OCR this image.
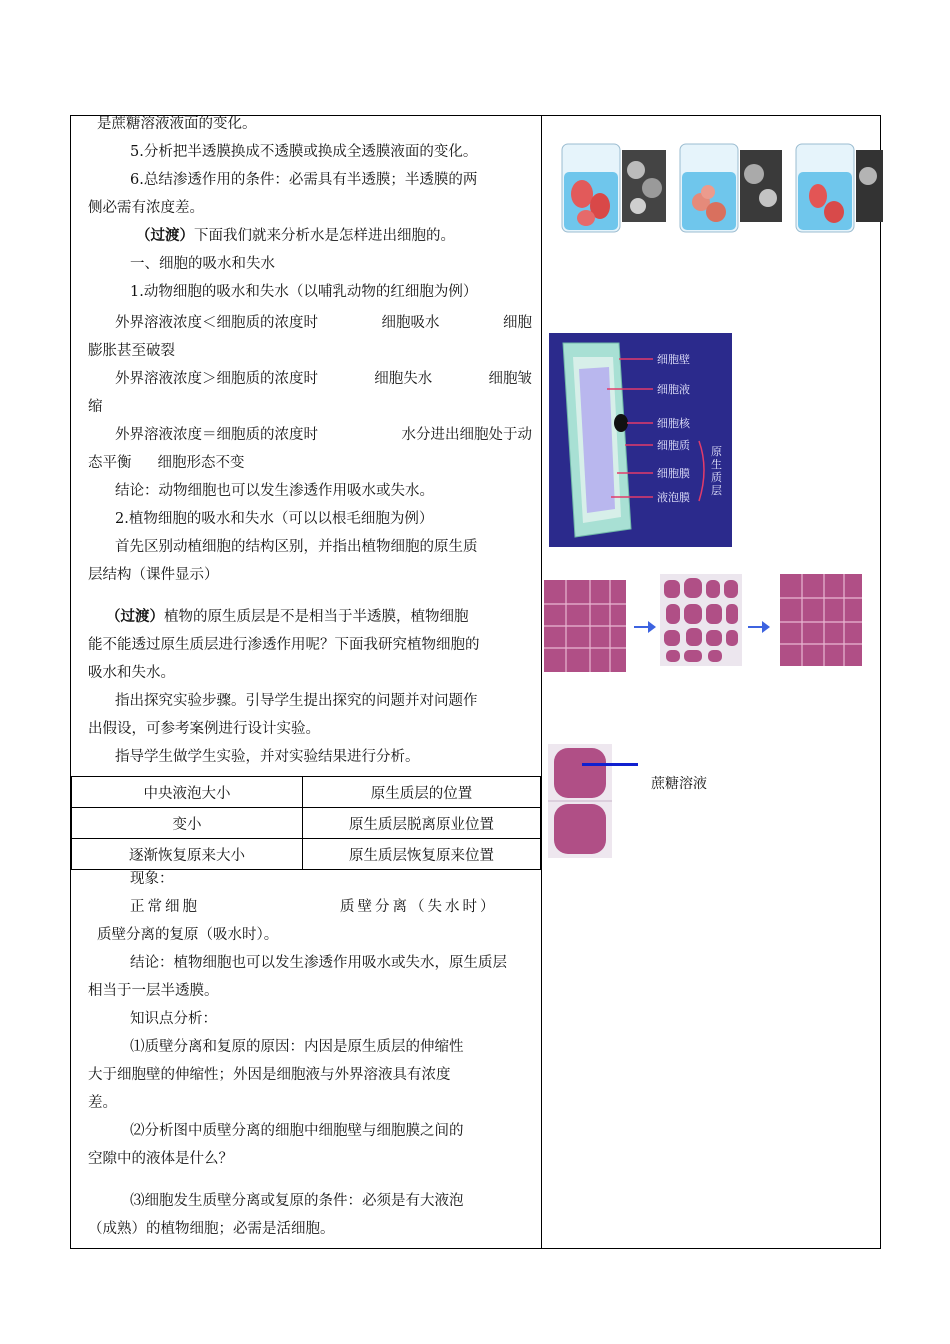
是蔗糖溶液液面的变化。
5.分析把半透膜换成不透膜或换成全透膜液面的变化。
6.总结渗透作用的条件：必需具有半透膜；半透膜的两
侧必需有浓度差。
（过渡）下面我们就来分析水是怎样进出细胞的。
一、细胞的吸水和失水
1.动物细胞的吸水和失水（以哺乳动物的红细胞为例）
外界溶液浓度＜细胞质的浓度时	细胞吸水	细胞
膨胀甚至破裂
外界溶液浓度＞细胞质的浓度时	细胞失水	细胞皱
缩
外界溶液浓度＝细胞质的浓度时	水分进出细胞处于动
态平衡 细胞形态不变
结论：动物细胞也可以发生渗透作用吸水或失水。
2.植物细胞的吸水和失水（可以以根毛细胞为例）
首先区别动植细胞的结构区别，并指出植物细胞的原生质
层结构（课件显示）
（过渡）植物的原生质层是不是相当于半透膜，植物细胞
能不能透过原生质层进行渗透作用呢？下面我研究植物细胞的
吸水和失水。
指出探究实验步骤。引导学生提出探究的问题并对问题作
出假设，可参考案例进行设计实验。
指导学生做学生实验，并对实验结果进行分析。
中央液泡大小	原生质层的位置
变小	原生质层脱离原业位置
逐渐恢复原来大小	原生质层恢复原来位置
现象：
正常细胞	质壁分离（失水时）
质壁分离的复原（吸水时）。
结论：植物细胞也可以发生渗透作用吸水或失水，原生质层
相当于一层半透膜。
知识点分析：
⑴质壁分离和复原的原因：内因是原生质层的伸缩性
大于细胞壁的伸缩性；外因是细胞液与外界溶液具有浓度
差。
⑵分析图中质壁分离的细胞中细胞壁与细胞膜之间的
空隙中的液体是什么？
⑶细胞发生质壁分离或复原的条件：必须是有大液泡
（成熟）的植物细胞；必需是活细胞。
细胞壁
细胞液
细胞核
细胞质
细胞膜
液泡膜
原生质层
蔗糖溶液
